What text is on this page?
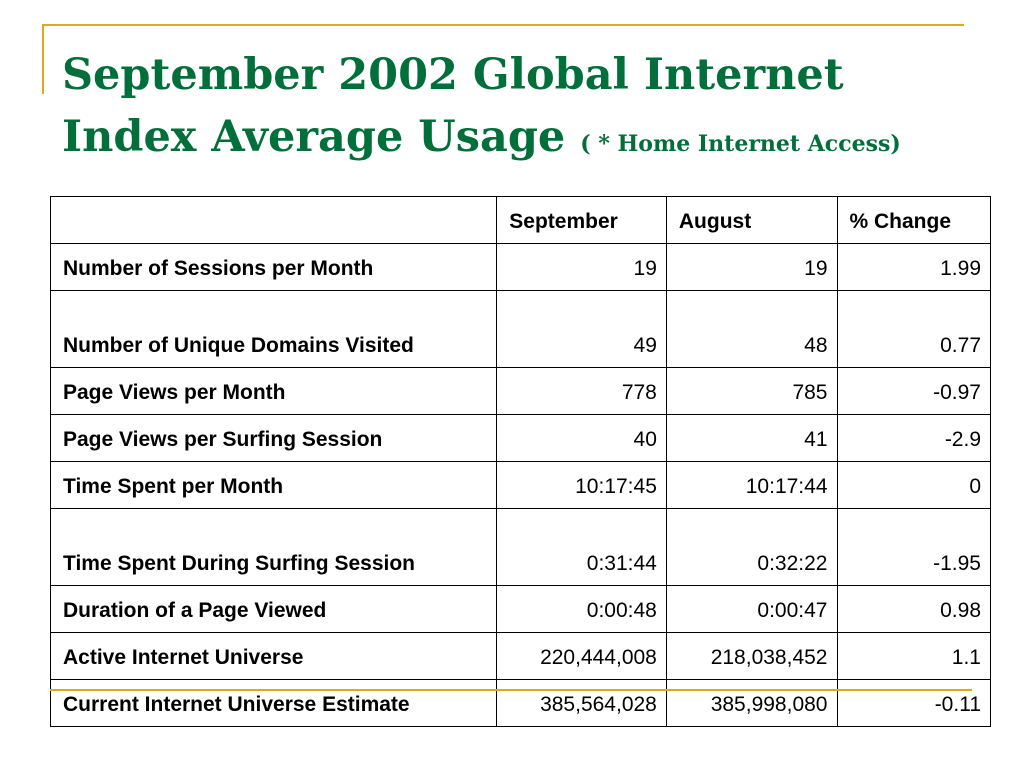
September 2002 Global Internet
Index Average Usage ( * Home Internet Access)
	September	August	% Change
Number of Sessions per Month	19	19	1.99

Number of Unique Domains Visited	49	48	0.77
Page Views per Month	778	785	-0.97
Page Views per Surfing Session	40	41	-2.9
Time Spent per Month	10:17:45	10:17:44	0

Time Spent During Surfing Session	0:31:44	0:32:22	-1.95
Duration of a Page Viewed	0:00:48	0:00:47	0.98
Active Internet Universe	220,444,008	218,038,452	1.1
Current Internet Universe Estimate	385,564,028	385,998,080	-0.11
